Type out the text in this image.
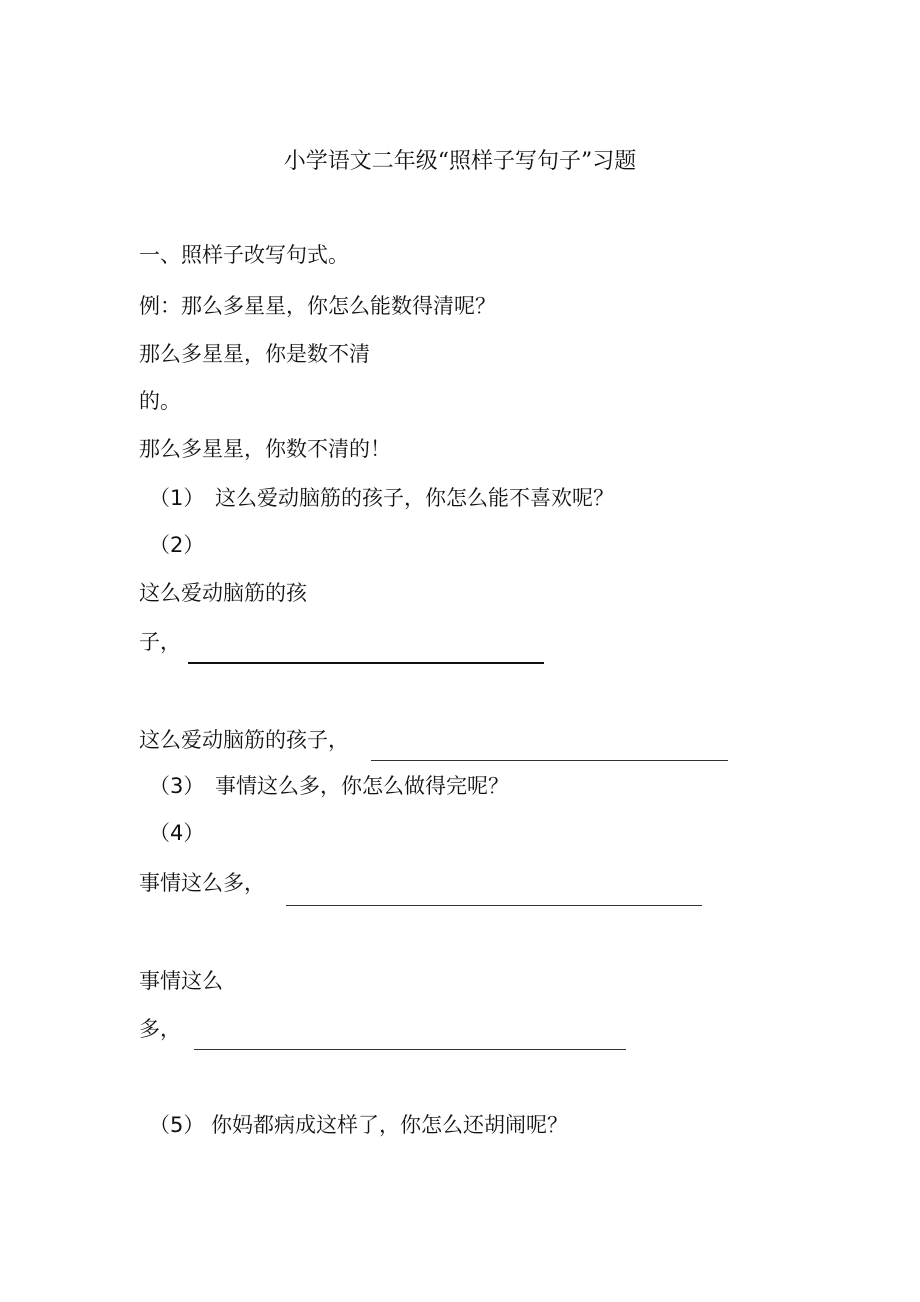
小学语文二年级“照样子写句子”习题
一、照样子改写句式。
例：那么多星星，你怎么能数得清呢？
那么多星星，你是数不清
的。
那么多星星，你数不清的！
（1） 这么爱动脑筋的孩子，你怎么能不喜欢呢？
（2）
这么爱动脑筋的孩
子，
这么爱动脑筋的孩子，
（3） 事情这么多，你怎么做得完呢？
（4）
事情这么多，
事情这么
多，
（5） 你妈都病成这样了，你怎么还胡闹呢？
